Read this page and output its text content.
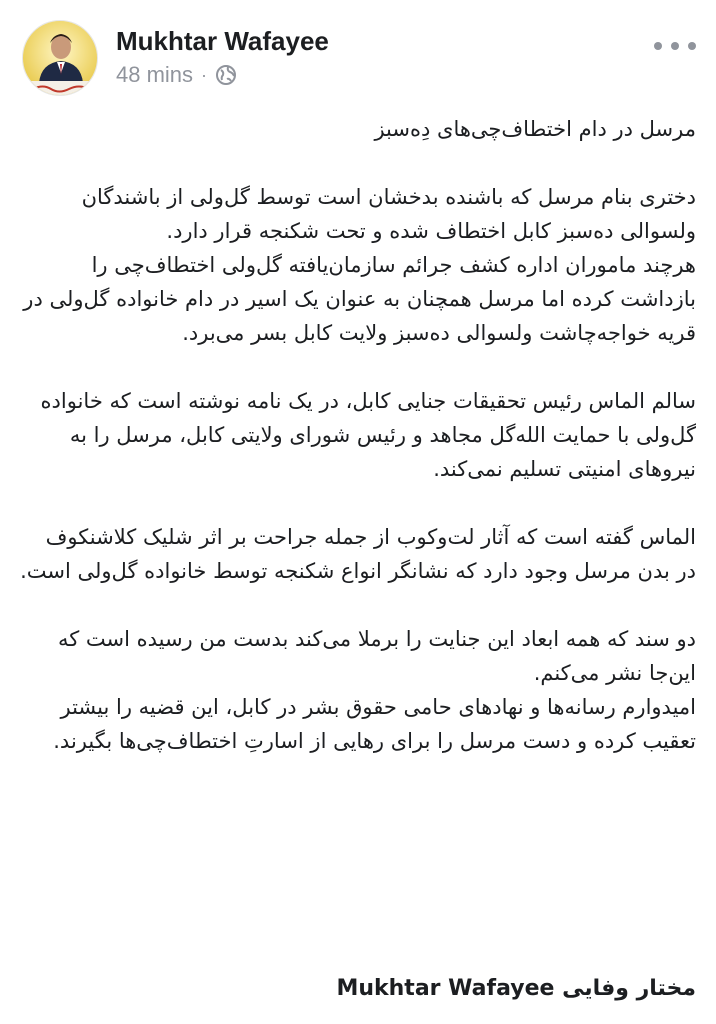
Mukhtar Wafayee
48 mins ·

مرسل در دام اختطاف‌چی‌های دِه‌سبز

دختری بنام مرسل که باشنده بدخشان است توسط گل‌ولی از باشندگان ولسوالی ده‌سبز کابل اختطاف شده و تحت شکنجه قرار دارد.

هرچند ماموران اداره کشف جرائم سازمان‌یافته گل‌ولی اختطاف‌چی را بازداشت کرده اما مرسل همچنان به عنوان یک اسیر در دام خانواده گل‌ولی در قریه خواجه‌چاشت ولسوالی ده‌سبز ولایت کابل بسر می‌برد.

سالم الماس رئیس تحقیقات جنایی کابل، در یک نامه نوشته است که خانواده گل‌ولی با حمایت الله‌گل مجاهد و رئیس شورای ولایتی کابل، مرسل را به نیروهای امنیتی تسلیم نمی‌کند.

الماس گفته است که آثار لت‌وکوب از جمله جراحت بر اثر شلیک کلاشنکوف در بدن مرسل وجود دارد که نشانگر انواع شکنجه توسط خانواده گل‌ولی است.

دو سند که همه ابعاد این جنایت را برملا می‌کند بدست من رسیده است که این‌جا نشر می‌کنم.

امیدوارم رسانه‌ها و نهادهای حامی حقوق بشر در کابل، این قضیه را بیشتر تعقیب کرده و دست مرسل را برای رهایی از اسارتِ اختطاف‌چی‌ها بگیرند.

مختار وفایی Mukhtar Wafayee
